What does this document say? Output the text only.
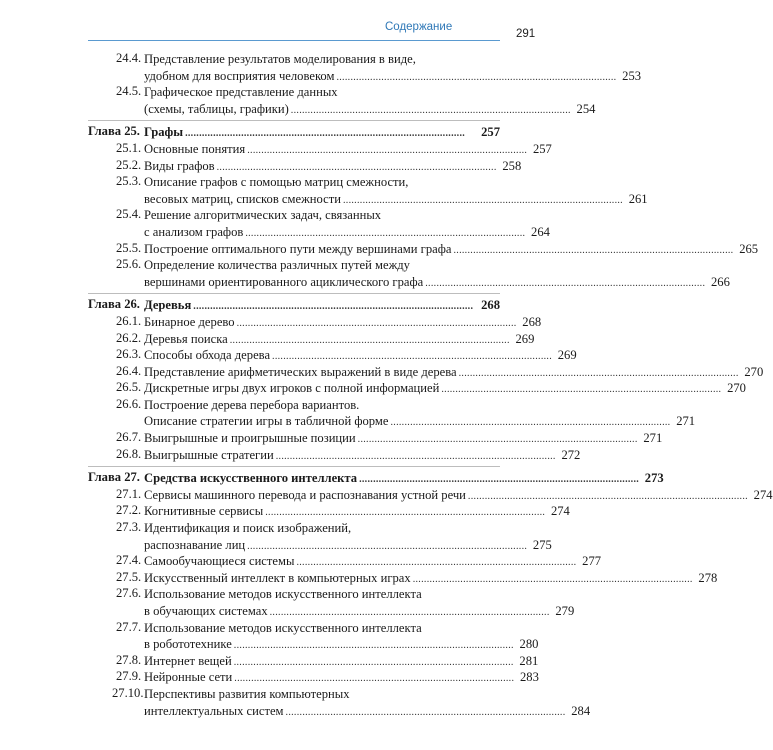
Содержание
291
24.4. Представление результатов моделирования в виде,
удобном для восприятия человеком . . .	253
24.5. Графическое представление данных
(схемы, таблицы, графики) . . .	254
Глава 25. Графы . . .	257
25.1. Основные понятия . . .	257
25.2. Виды графов . . .	258
25.3. Описание графов с помощью матриц смежности,
весовых матриц, списков смежности . . .	261
25.4. Решение алгоритмических задач, связанных
с анализом графов . . .	264
25.5. Построение оптимального пути между вершинами графа . . .	265
25.6. Определение количества различных путей между
вершинами ориентированного ациклического графа . . .	266
Глава 26. Деревья . . .	268
26.1. Бинарное дерево . . .	268
26.2. Деревья поиска . . .	269
26.3. Способы обхода дерева . . .	269
26.4. Представление арифметических выражений в виде дерева . . .	270
26.5. Дискретные игры двух игроков с полной информацией . . .	270
26.6. Построение дерева перебора вариантов.
Описание стратегии игры в табличной форме . . .	271
26.7. Выигрышные и проигрышные позиции . . .	271
26.8. Выигрышные стратегии . . .	272
Глава 27. Средства искусственного интеллекта . . .	273
27.1. Сервисы машинного перевода и распознавания устной речи . . .	274
27.2. Когнитивные сервисы . . .	274
27.3. Идентификация и поиск изображений,
распознавание лиц . . .	275
27.4. Самообучающиеся системы . . .	277
27.5. Искусственный интеллект в компьютерных играх . . .	278
27.6. Использование методов искусственного интеллекта
в обучающих системах . . .	279
27.7. Использование методов искусственного интеллекта
в робототехнике . . .	280
27.8. Интернет вещей . . .	281
27.9. Нейронные сети . . .	283
27.10. Перспективы развития компьютерных
интеллектуальных систем . . .	284
